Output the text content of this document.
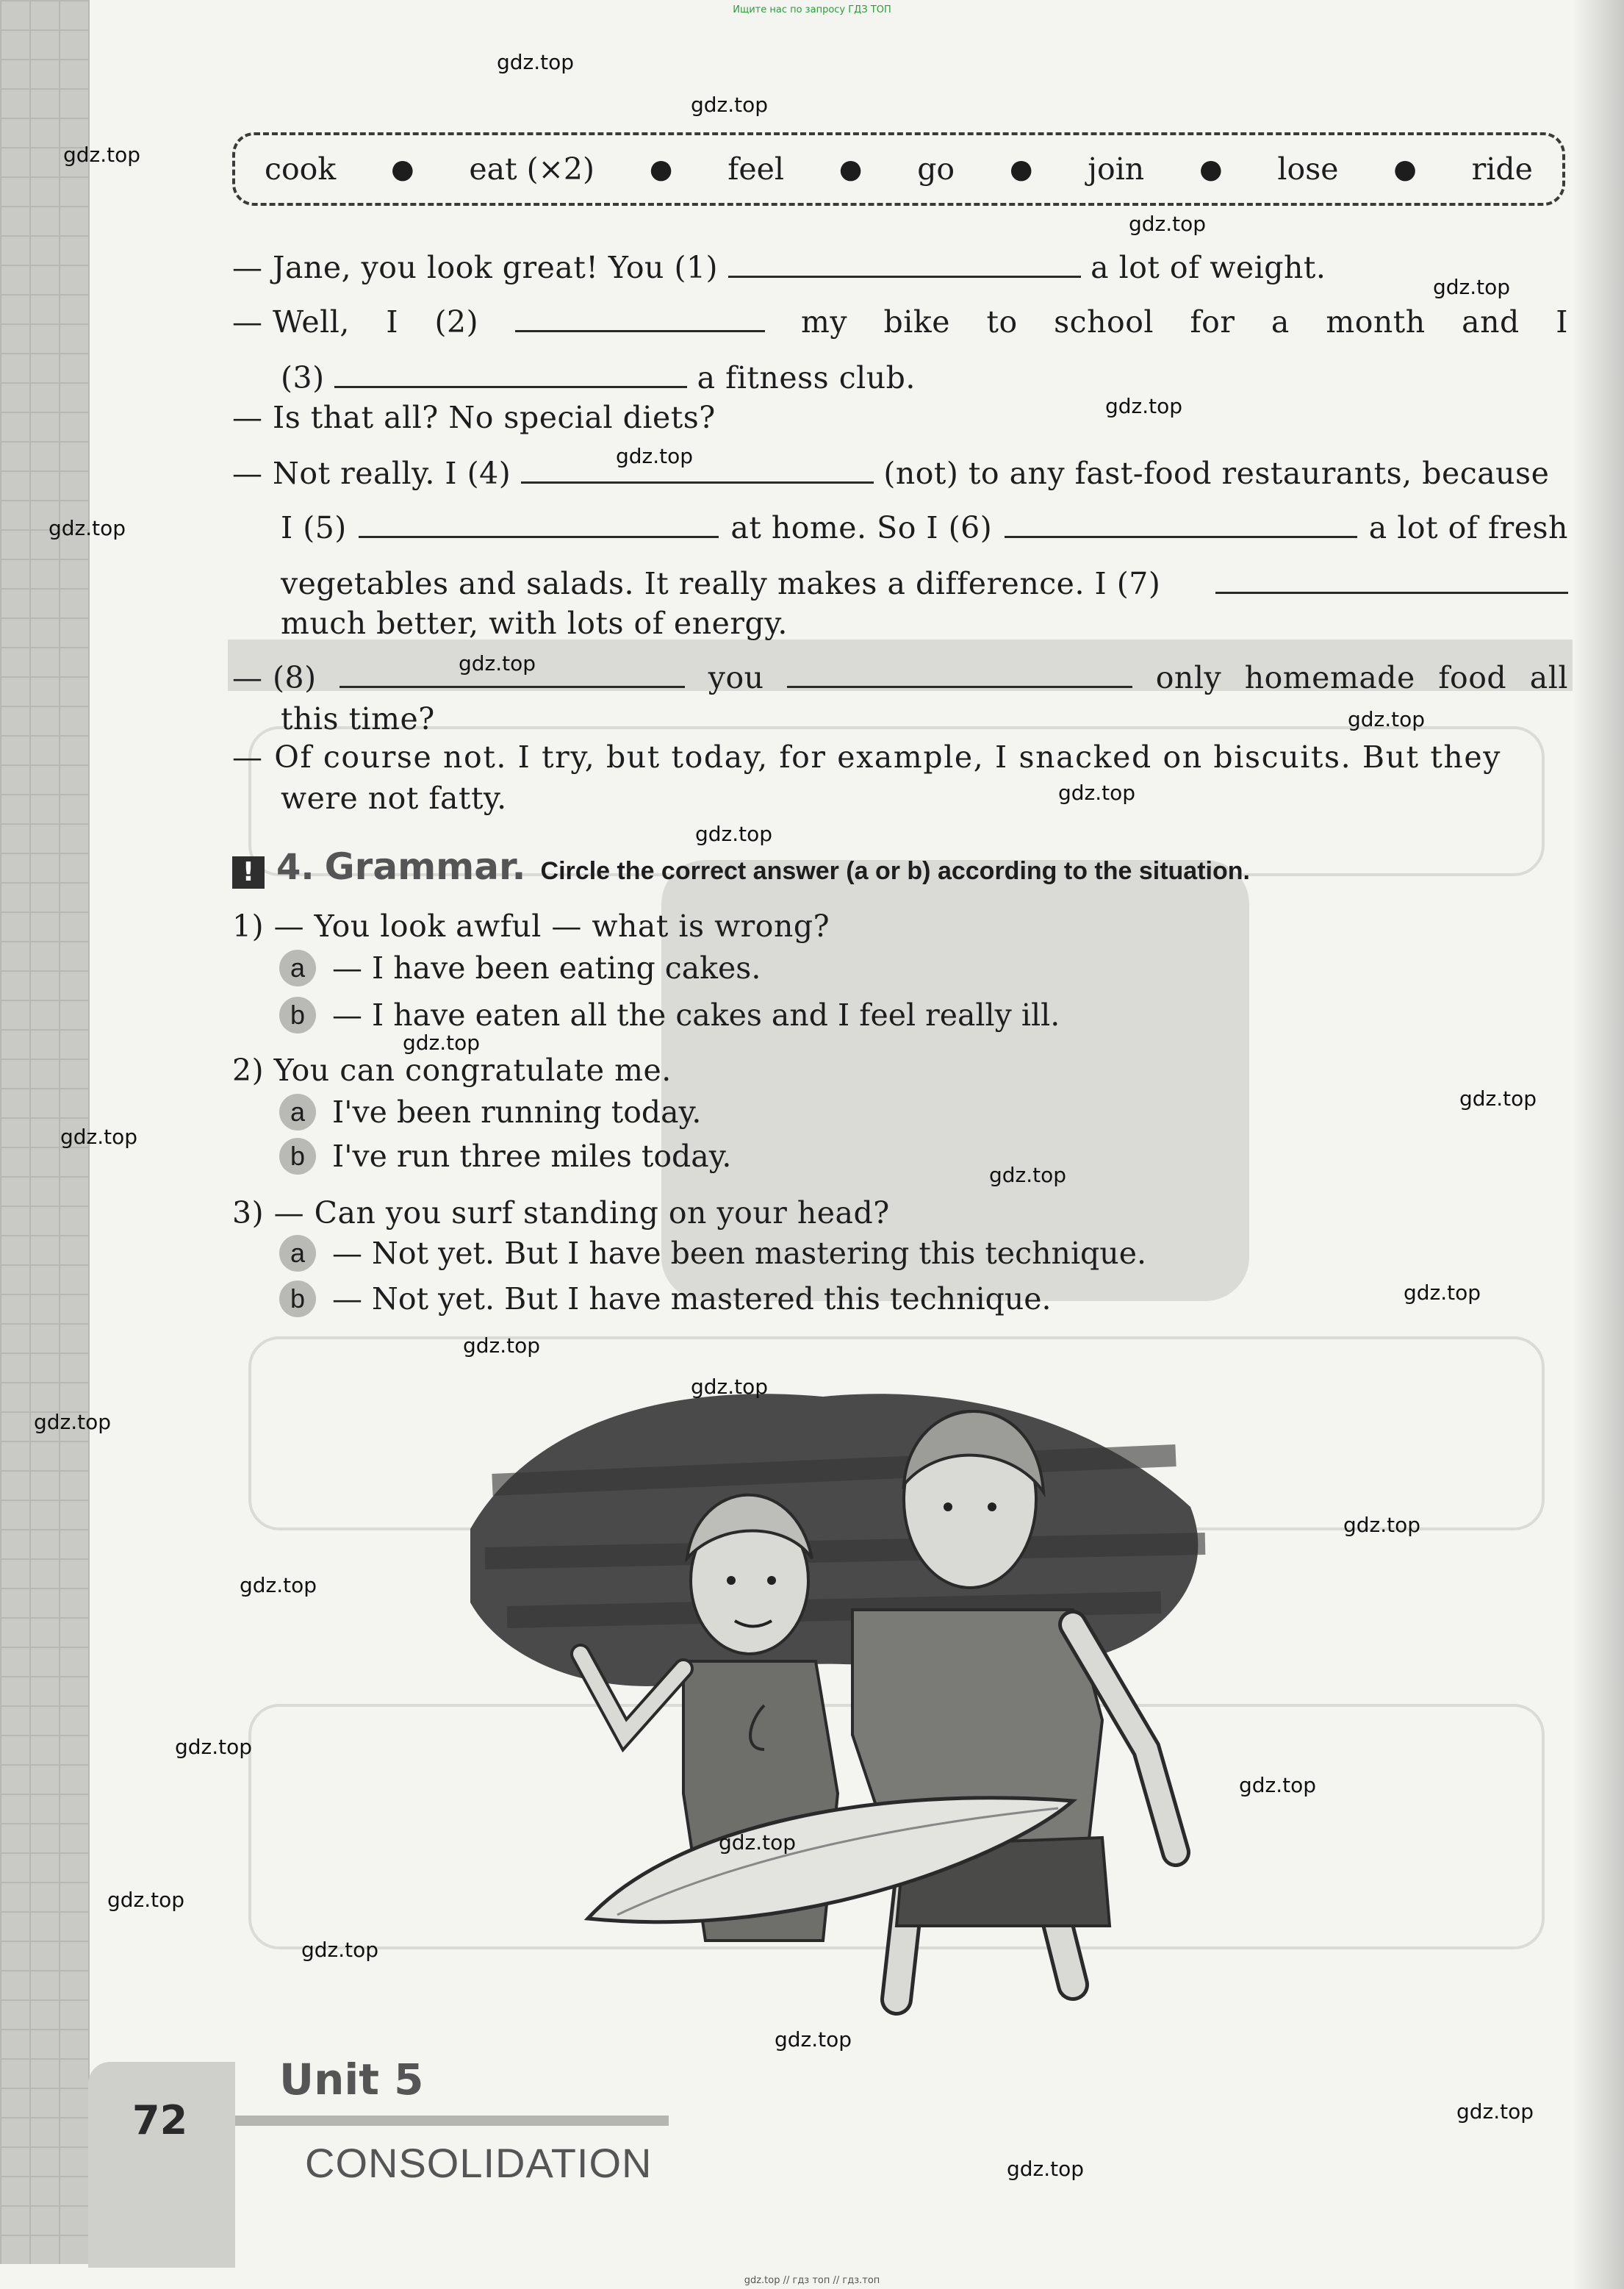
Ищите нас по запросу ГДЗ ТОП
cook ● eat (×2) ● feel ● go ● join ● lose ● ride
— Jane, you look great! You (1)	a lot of weight.
— Well, I (2)	my bike to school for a month and I
(3)	a fitness club.
— Is that all? No special diets?
— Not really. I (4)	(not) to any fast-food restaurants, because
I (5)	at home. So I (6)	a lot of fresh
vegetables and salads. It really makes a difference. I (7)
much better, with lots of energy.
— (8)	you	only homemade food all
this time?
— Of course not. I try, but today, for example, I snacked on biscuits. But they
were not fatty.
! 4. Grammar. Circle the correct answer (a or b) according to the situation.
1) — You look awful — what is wrong?
a — I have been eating cakes.
b — I have eaten all the cakes and I feel really ill.
2) You can congratulate me.
a I've been running today.
b I've run three miles today.
3) — Can you surf standing on your head?
a — Not yet. But I have been mastering this technique.
b — Not yet. But I have mastered this technique.
gdz.top
gdz.top
gdz.top
gdz.top
gdz.top
gdz.top
gdz.top
gdz.top
gdz.top
gdz.top
gdz.top
gdz.top
gdz.top
gdz.top
gdz.top
gdz.top
gdz.top
gdz.top
gdz.top
gdz.top
gdz.top
gdz.top
gdz.top
gdz.top
gdz.top
gdz.top
gdz.top
gdz.top
gdz.top
gdz.top
72
Unit 5
CONSOLIDATION
gdz.top // гдз топ // гдз.топ
